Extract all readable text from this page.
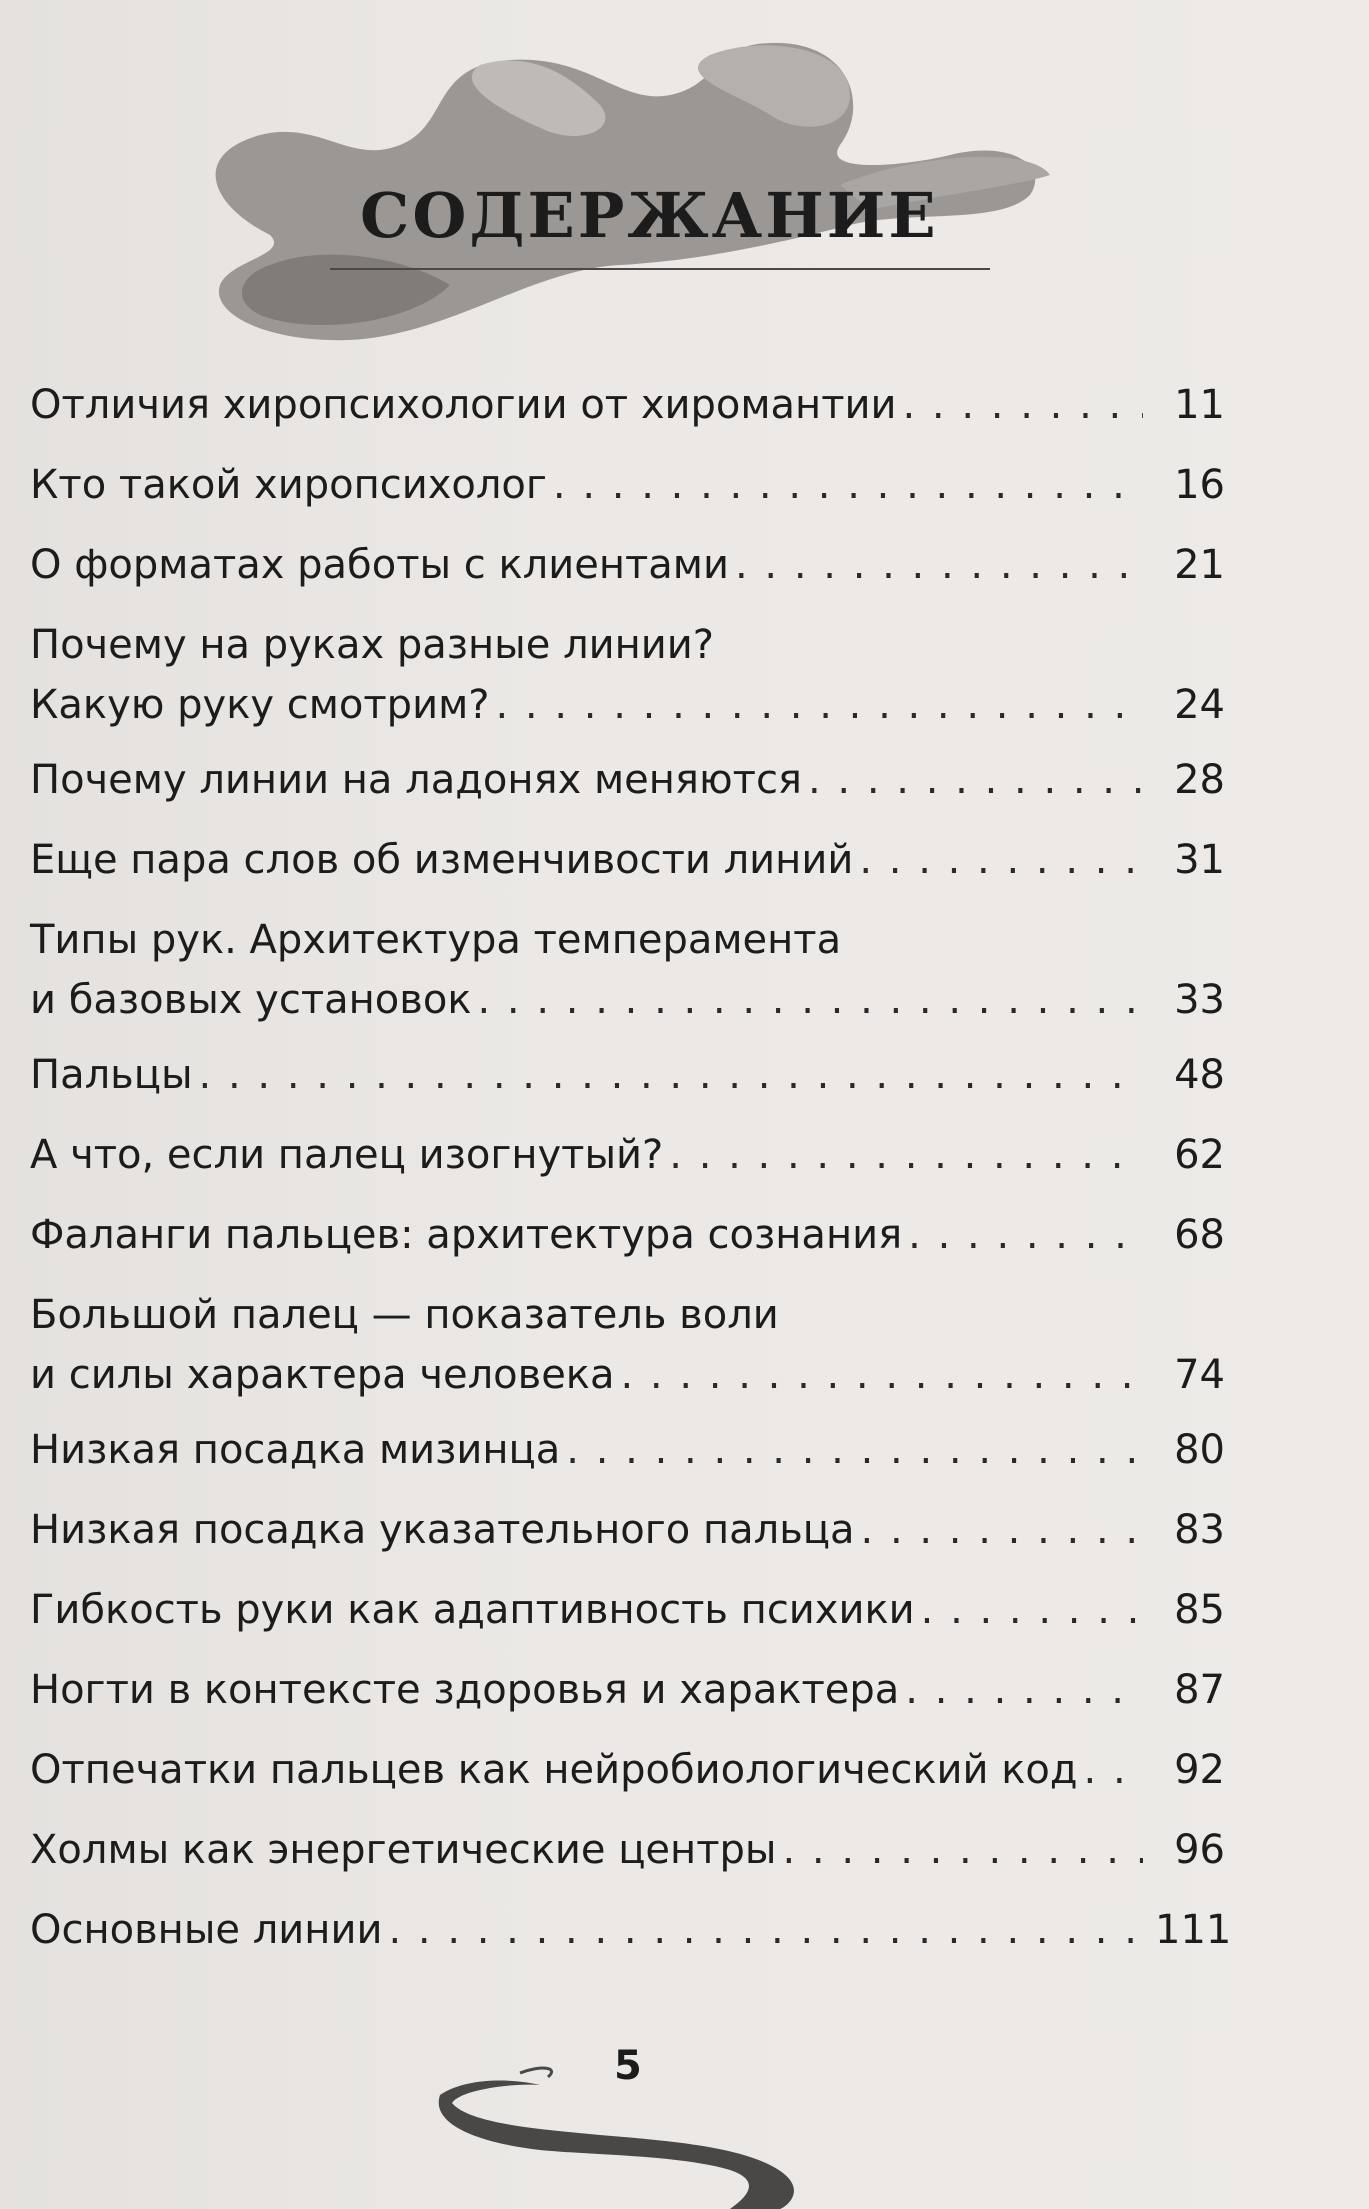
СОДЕРЖАНИЕ
Отличия хиропсихологии от хиромантии . . .	11
Кто такой хиропсихолог . . .	16
О форматах работы с клиентами . . .	21
Почему на руках разные линии?
Какую руку смотрим? . . .	24
Почему линии на ладонях меняются . . .	28
Еще пара слов об изменчивости линий . . .	31
Типы рук. Архитектура темперамента
и базовых установок . . .	33
Пальцы . . .	48
А что, если палец изогнутый? . . .	62
Фаланги пальцев: архитектура сознания . . .	68
Большой палец — показатель воли
и силы характера человека . . .	74
Низкая посадка мизинца . . .	80
Низкая посадка указательного пальца . . .	83
Гибкость руки как адаптивность психики . . .	85
Ногти в контексте здоровья и характера . . .	87
Отпечатки пальцев как нейробиологический код . . .	92
Холмы как энергетические центры . . .	96
Основные линии . . .	111
5
